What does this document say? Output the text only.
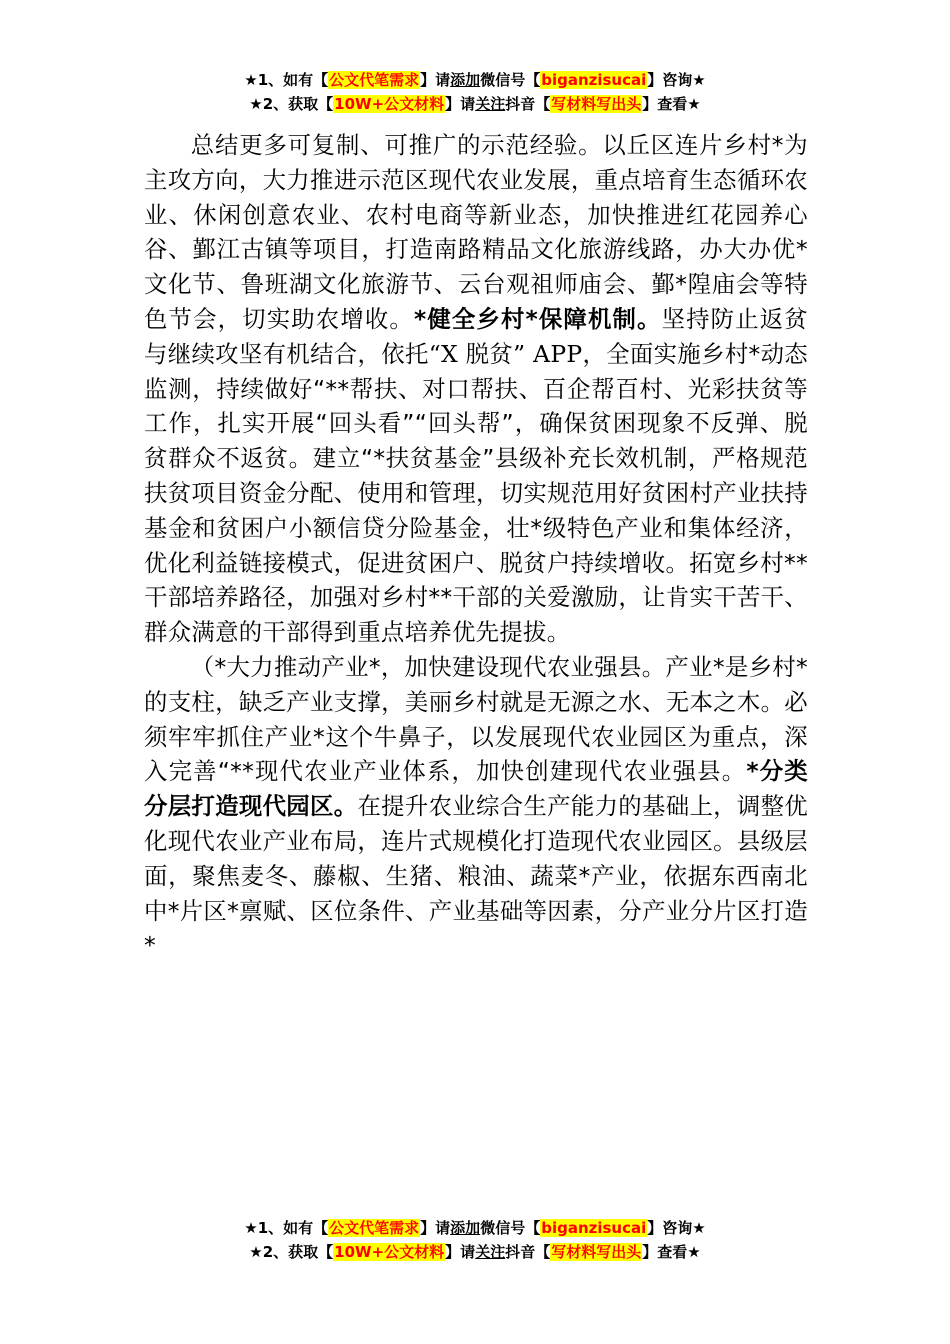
★1、如有【公文代笔需求】请添加微信号【biganzisucai】咨询★
★2、获取【10W+公文材料】请关注抖音【写材料写出头】查看★

总结更多可复制、可推广的示范经验。以丘区连片乡村*为主攻方向，大力推进示范区现代农业发展，重点培育生态循环农业、休闲创意农业、农村电商等新业态，加快推进红花园养心谷、鄞江古镇等项目，打造南路精品文化旅游线路，办大办优*文化节、鲁班湖文化旅游节、云台观祖师庙会、鄞*隍庙会等特色节会，切实助农增收。*健全乡村*保障机制。坚持防止返贫与继续攻坚有机结合，依托“X 脱贫” APP，全面实施乡村*动态监测，持续做好“**帮扶、对口帮扶、百企帮百村、光彩扶贫等工作，扎实开展“回头看”“回头帮”，确保贫困现象不反弹、脱贫群众不返贫。建立“*扶贫基金”县级补充长效机制，严格规范扶贫项目资金分配、使用和管理，切实规范用好贫困村产业扶持基金和贫困户小额信贷分险基金，壮*级特色产业和集体经济，优化利益链接模式，促进贫困户、脱贫户持续增收。拓宽乡村**干部培养路径，加强对乡村**干部的关爱激励，让肯实干苦干、群众满意的干部得到重点培养优先提拔。

（*大力推动产业*，加快建设现代农业强县。产业*是乡村*的支柱，缺乏产业支撑，美丽乡村就是无源之水、无本之木。必须牢牢抓住产业*这个牛鼻子，以发展现代农业园区为重点，深入完善“**现代农业产业体系，加快创建现代农业强县。*分类分层打造现代园区。在提升农业综合生产能力的基础上，调整优化现代农业产业布局，连片式规模化打造现代农业园区。县级层面，聚焦麦冬、藤椒、生猪、粮油、蔬菜*产业，依据东西南北中*片区*禀赋、区位条件、产业基础等因素，分产业分片区打造*

★1、如有【公文代笔需求】请添加微信号【biganzisucai】咨询★
★2、获取【10W+公文材料】请关注抖音【写材料写出头】查看★
